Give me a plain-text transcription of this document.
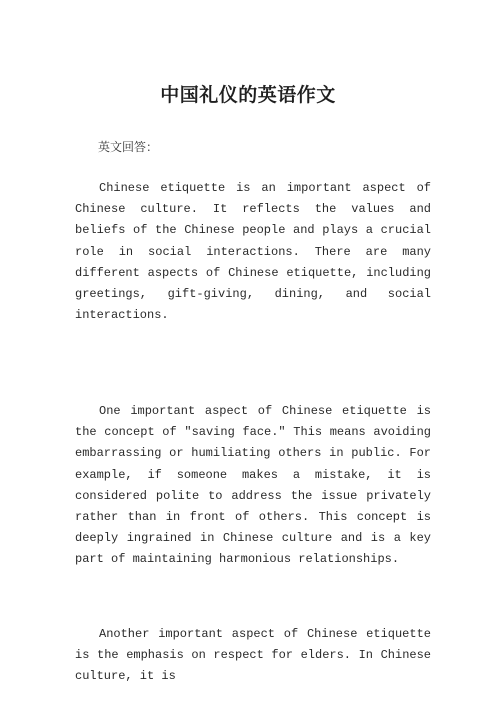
中国礼仪的英语作文

英文回答：

Chinese etiquette is an important aspect of Chinese culture. It reflects the values and beliefs of the Chinese people and plays a crucial role in social interactions. There are many different aspects of Chinese etiquette, including greetings, gift-giving, dining, and social interactions.

One important aspect of Chinese etiquette is the concept of "saving face." This means avoiding embarrassing or humiliating others in public. For example, if someone makes a mistake, it is considered polite to address the issue privately rather than in front of others. This concept is deeply ingrained in Chinese culture and is a key part of maintaining harmonious relationships.

Another important aspect of Chinese etiquette is the emphasis on respect for elders. In Chinese culture, it is
